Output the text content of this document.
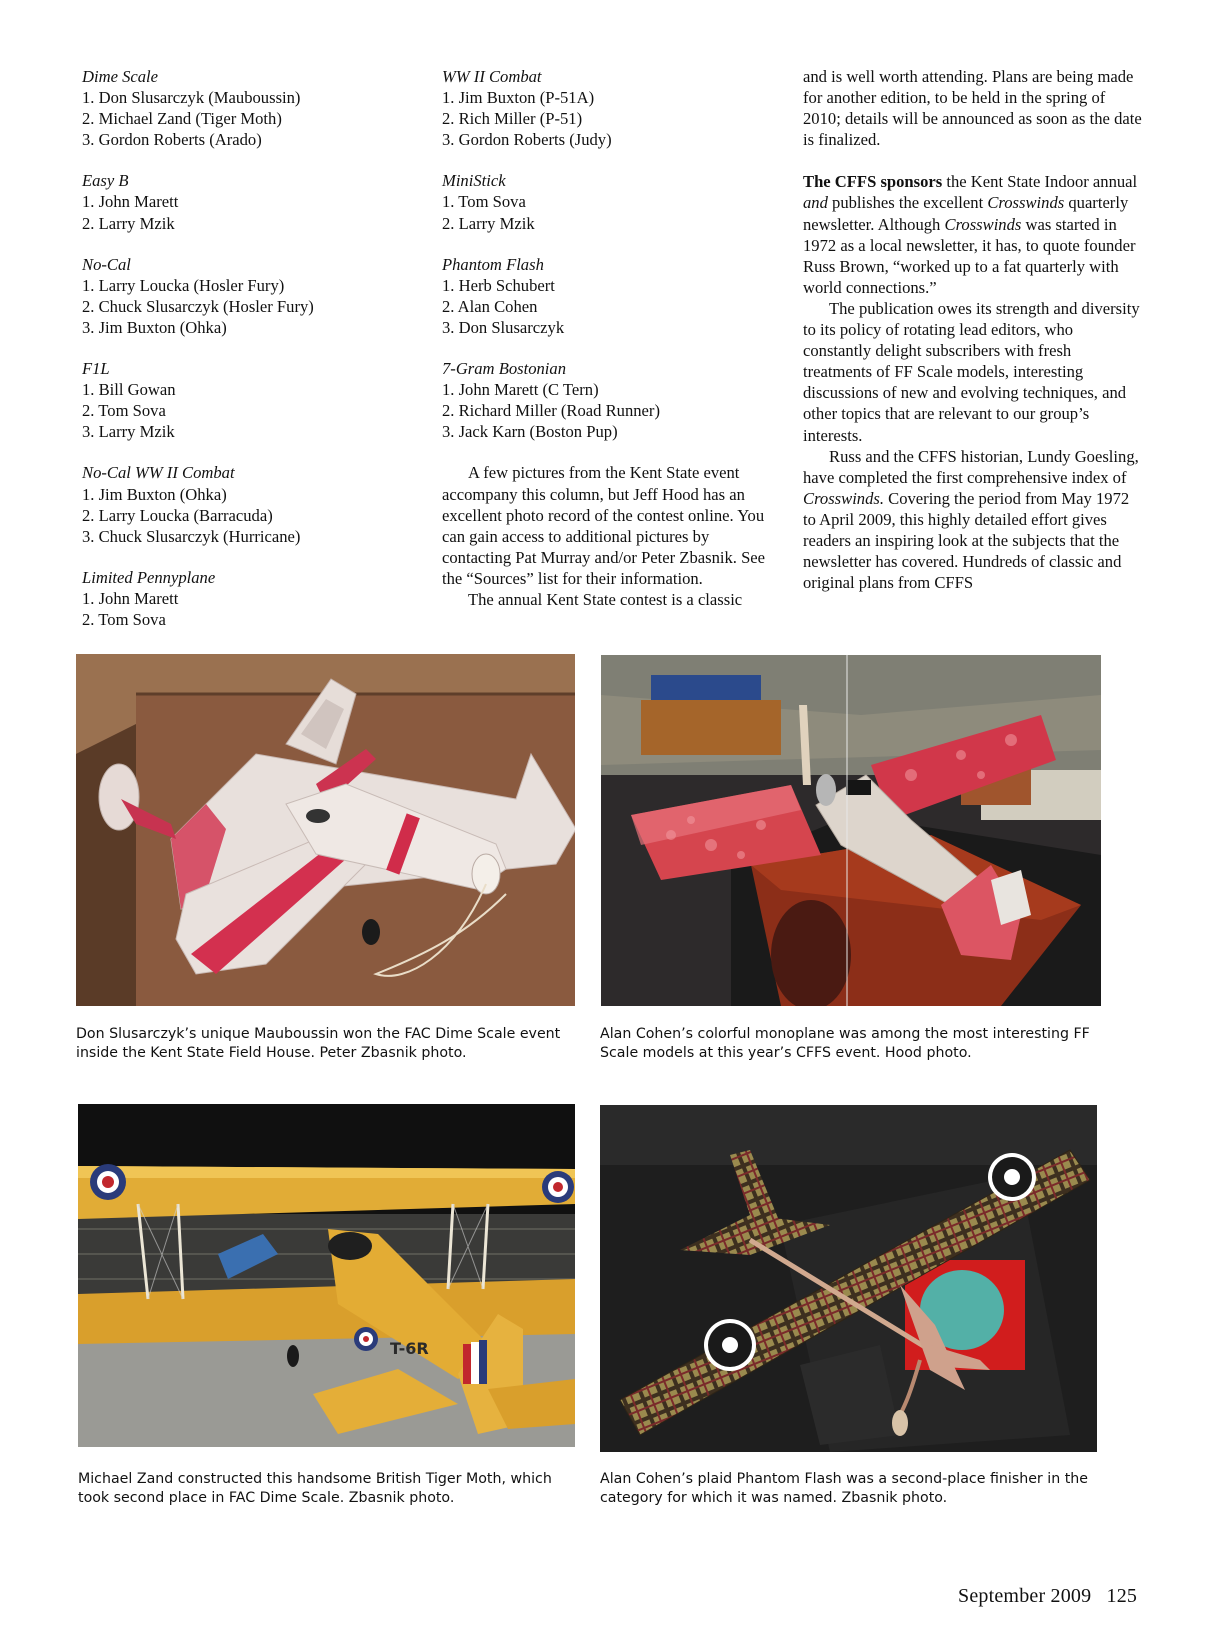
Dime Scale
1. Don Slusarczyk (Mauboussin)
2. Michael Zand (Tiger Moth)
3. Gordon Roberts (Arado)
Easy B
1. John Marett
2. Larry Mzik
No-Cal
1. Larry Loucka (Hosler Fury)
2. Chuck Slusarczyk (Hosler Fury)
3. Jim Buxton (Ohka)
F1L
1. Bill Gowan
2. Tom Sova
3. Larry Mzik
No-Cal WW II Combat
1. Jim Buxton (Ohka)
2. Larry Loucka (Barracuda)
3. Chuck Slusarczyk (Hurricane)
Limited Pennyplane
1. John Marett
2. Tom Sova
WW II Combat
1. Jim Buxton (P-51A)
2. Rich Miller (P-51)
3. Gordon Roberts (Judy)
MiniStick
1. Tom Sova
2. Larry Mzik
Phantom Flash
1. Herb Schubert
2. Alan Cohen
3. Don Slusarczyk
7-Gram Bostonian
1. John Marett (C Tern)
2. Richard Miller (Road Runner)
3. Jack Karn (Boston Pup)
A few pictures from the Kent State event accompany this column, but Jeff Hood has an excellent photo record of the contest online. You can gain access to additional pictures by contacting Pat Murray and/or Peter Zbasnik. See the “Sources” list for their information.
The annual Kent State contest is a classic
and is well worth attending. Plans are being made for another edition, to be held in the spring of 2010; details will be announced as soon as the date is finalized.
The CFFS sponsors the Kent State Indoor annual and publishes the excellent Crosswinds quarterly newsletter. Although Crosswinds was started in 1972 as a local newsletter, it has, to quote founder Russ Brown, “worked up to a fat quarterly with world connections.”
The publication owes its strength and diversity to its policy of rotating lead editors, who constantly delight subscribers with fresh treatments of FF Scale models, interesting discussions of new and evolving techniques, and other topics that are relevant to our group’s interests.
Russ and the CFFS historian, Lundy Goesling, have completed the first comprehensive index of Crosswinds. Covering the period from May 1972 to April 2009, this highly detailed effort gives readers an inspiring look at the subjects that the newsletter has covered. Hundreds of classic and original plans from CFFS
Don Slusarczyk’s unique Mauboussin won the FAC Dime Scale event inside the Kent State Field House. Peter Zbasnik photo.
Alan Cohen’s colorful monoplane was among the most interesting FF Scale models at this year’s CFFS event. Hood photo.
T-6R
Michael Zand constructed this handsome British Tiger Moth, which took second place in FAC Dime Scale. Zbasnik photo.
Alan Cohen’s plaid Phantom Flash was a second-place finisher in the category for which it was named. Zbasnik photo.
September 2009 125
